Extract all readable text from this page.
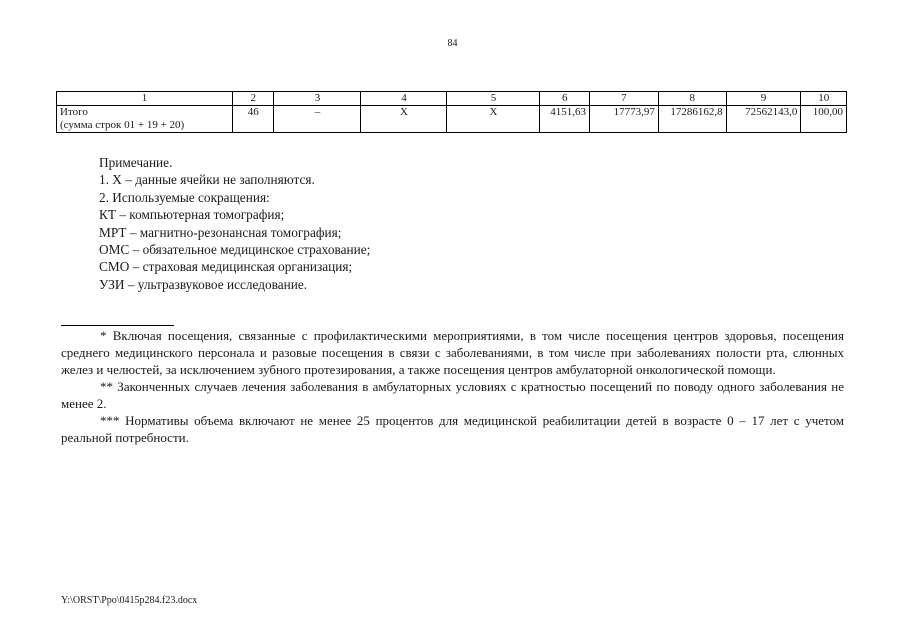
84
1	2	3	4	5	6	7	8	9	10

Итого
(сумма строк 01 + 19 + 20)	46	–	Х	Х	4151,63	17773,97	17286162,8	72562143,0	100,00
Примечание.
1. Х – данные ячейки не заполняются.
2. Используемые сокращения:
КТ – компьютерная томография;
МРТ – магнитно-резонансная томография;
ОМС – обязательное медицинское страхование;
СМО – страховая медицинская организация;
УЗИ – ультразвуковое исследование.

* Включая посещения, связанные с профилактическими мероприятиями, в том числе посещения центров здоровья, посещения среднего медицинского персонала и разовые посещения в связи с заболеваниями, в том числе при заболеваниях полости рта, слюнных желез и челюстей, за исключением зубного протезирования, а также посещения центров амбулаторной онкологической помощи.

** Законченных случаев лечения заболевания в амбулаторных условиях с кратностью посещений по поводу одного заболевания не менее 2.

*** Нормативы объема включают не менее 25 процентов для медицинской реабилитации детей в возрасте 0 – 17 лет с учетом реальной потребности.

Y:\ORST\Ppo\0415p284.f23.docx
